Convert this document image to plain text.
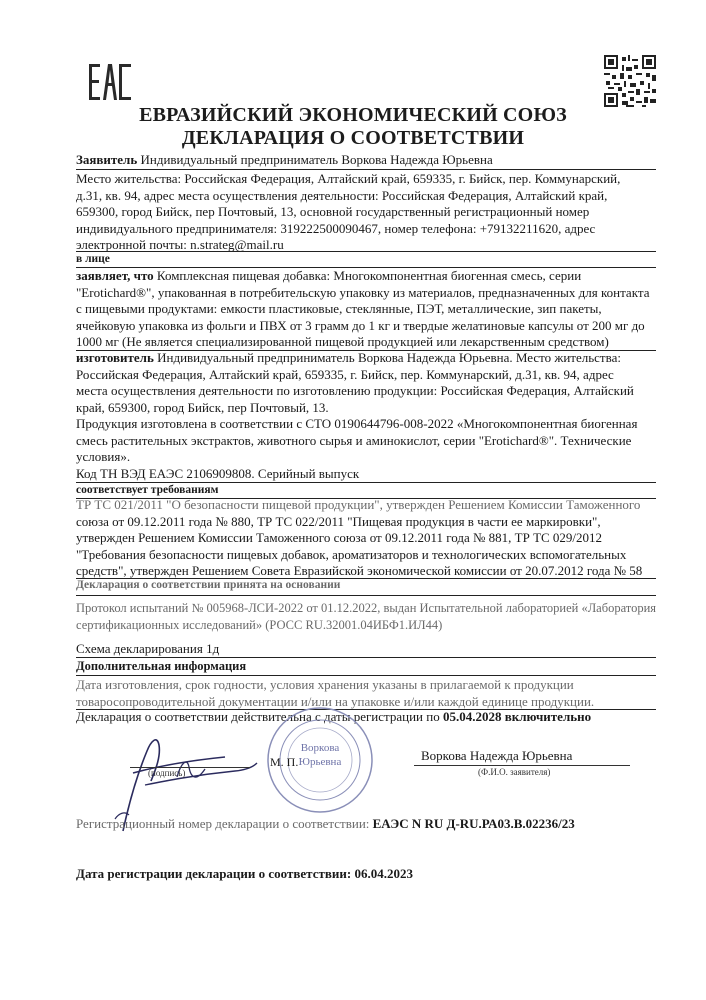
ЕВРАЗИЙСКИЙ ЭКОНОМИЧЕСКИЙ СОЮЗ
ДЕКЛАРАЦИЯ О СООТВЕТСТВИИ
Заявитель Индивидуальный предприниматель Воркова Надежда Юрьевна
Место жительства: Российская Федерация, Алтайский край, 659335, г. Бийск, пер. Коммунарский,
д.31, кв. 94, адрес места осуществления деятельности: Российская Федерация, Алтайский край,
659300, город Бийск, пер Почтовый, 13, основной государственный регистрационный номер
индивидуального предпринимателя: 319222500090467, номер телефона: +79132211620, адрес
электронной почты: n.strateg@mail.ru
в лице
заявляет, что Комплексная пищевая добавка: Многокомпонентная биогенная смесь, серии
"Erotichard®", упакованная в потребительскую упаковку из материалов, предназначенных для контакта
с пищевыми продуктами: емкости пластиковые, стеклянные, ПЭТ, металлические, зип пакеты,
ячейковую упаковка из фольги и ПВХ от 3 грамм до 1 кг и твердые желатиновые капсулы от 200 мг до
1000 мг (Не является специализированной пищевой продукцией или лекарственным средством)
изготовитель Индивидуальный предприниматель Воркова Надежда Юрьевна. Место жительства:
Российская Федерация, Алтайский край, 659335, г. Бийск, пер. Коммунарский, д.31, кв. 94, адрес
места осуществления деятельности по изготовлению продукции: Российская Федерация, Алтайский
край, 659300, город Бийск, пер Почтовый, 13.
Продукция изготовлена в соответствии с СТО 0190644796-008-2022 «Многокомпонентная биогенная
смесь растительных экстрактов, животного сырья и аминокислот, серии "Erotichard®". Технические
условия».
Код ТН ВЭД ЕАЭС 2106909808. Серийный выпуск
соответствует требованиям
ТР ТС 021/2011 "О безопасности пищевой продукции", утвержден Решением Комиссии Таможенного
союза от 09.12.2011 года № 880, ТР ТС 022/2011 "Пищевая продукция в части ее маркировки",
утвержден Решением Комиссии Таможенного союза от 09.12.2011 года № 881, ТР ТС 029/2012
"Требования безопасности пищевых добавок, ароматизаторов и технологических вспомогательных
средств", утвержден Решением Совета Евразийской экономической комиссии от 20.07.2012 года № 58
Декларация о соответствии принята на основании
Протокол испытаний № 005968-ЛСИ-2022 от 01.12.2022, выдан Испытательной лабораторией «Лаборатория
сертификационных исследований» (РОСС RU.32001.04ИБФ1.ИЛ44)
Схема декларирования 1д
Дополнительная информация
Дата изготовления, срок годности, условия хранения указаны в прилагаемой к продукции
товаросопроводительной документации и/или на упаковке и/или каждой единице продукции.
Декларация о соответствии действительна с даты регистрации по 05.04.2028 включительно
Воркова
Юрьевна
М. П.	Воркова Надежда Юрьевна
(подпись)	(Ф.И.О. заявителя)
Регистрационный номер декларации о соответствии: ЕАЭС N RU Д-RU.РА03.В.02236/23
Дата регистрации декларации о соответствии: 06.04.2023
